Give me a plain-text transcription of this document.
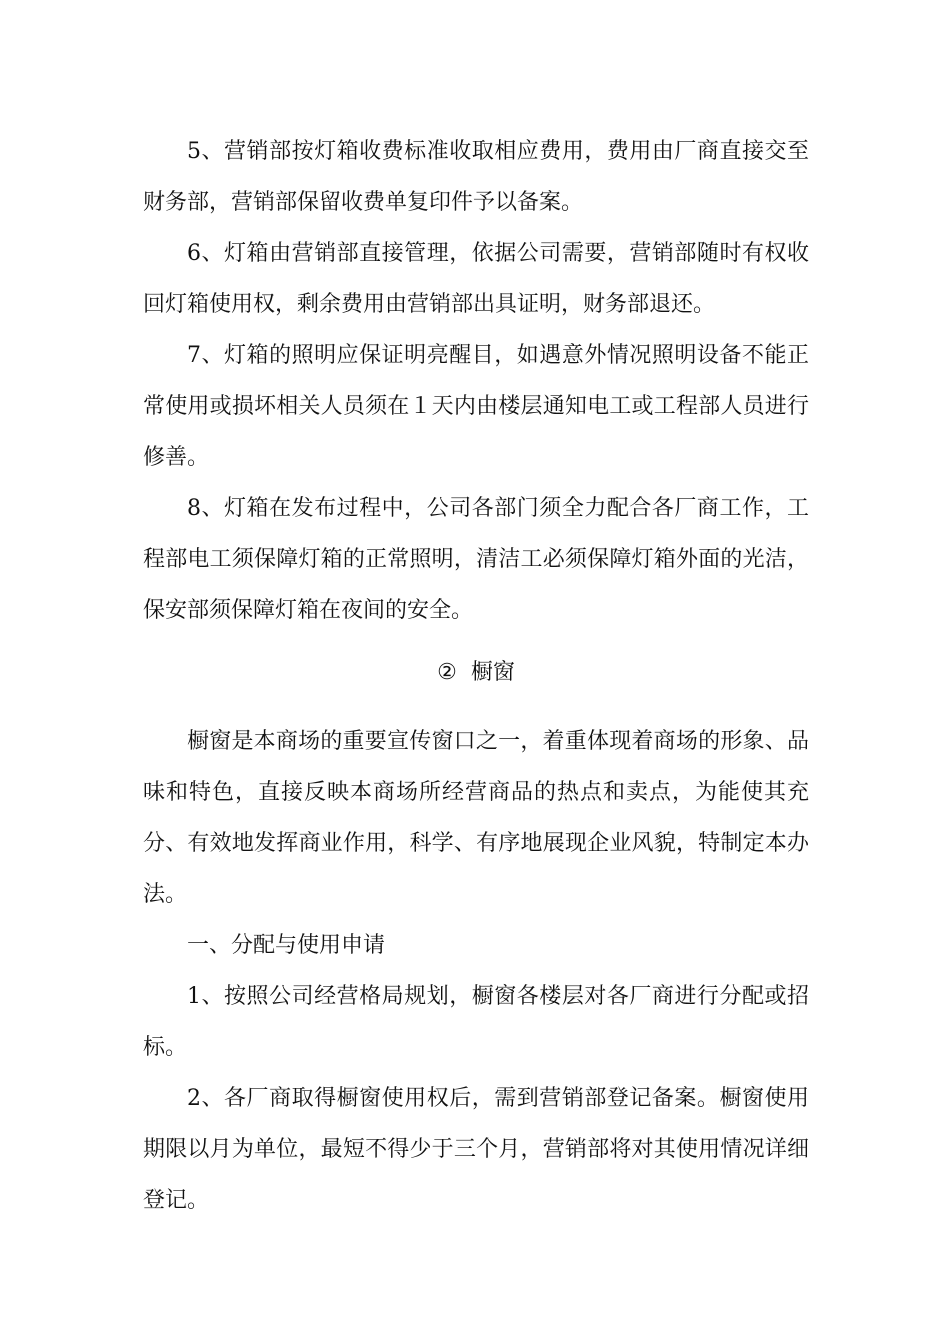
5、营销部按灯箱收费标准收取相应费用，费用由厂商直接交至财务部，营销部保留收费单复印件予以备案。

6、灯箱由营销部直接管理，依据公司需要，营销部随时有权收回灯箱使用权，剩余费用由营销部出具证明，财务部退还。

7、灯箱的照明应保证明亮醒目，如遇意外情况照明设备不能正常使用或损坏相关人员须在１天内由楼层通知电工或工程部人员进行修善。

8、灯箱在发布过程中，公司各部门须全力配合各厂商工作，工程部电工须保障灯箱的正常照明，清洁工必须保障灯箱外面的光洁，保安部须保障灯箱在夜间的安全。

② 橱窗

橱窗是本商场的重要宣传窗口之一，着重体现着商场的形象、品味和特色，直接反映本商场所经营商品的热点和卖点，为能使其充分、有效地发挥商业作用，科学、有序地展现企业风貌，特制定本办法。

一、分配与使用申请

1、按照公司经营格局规划，橱窗各楼层对各厂商进行分配或招标。

2、各厂商取得橱窗使用权后，需到营销部登记备案。橱窗使用期限以月为单位，最短不得少于三个月，营销部将对其使用情况详细登记。
